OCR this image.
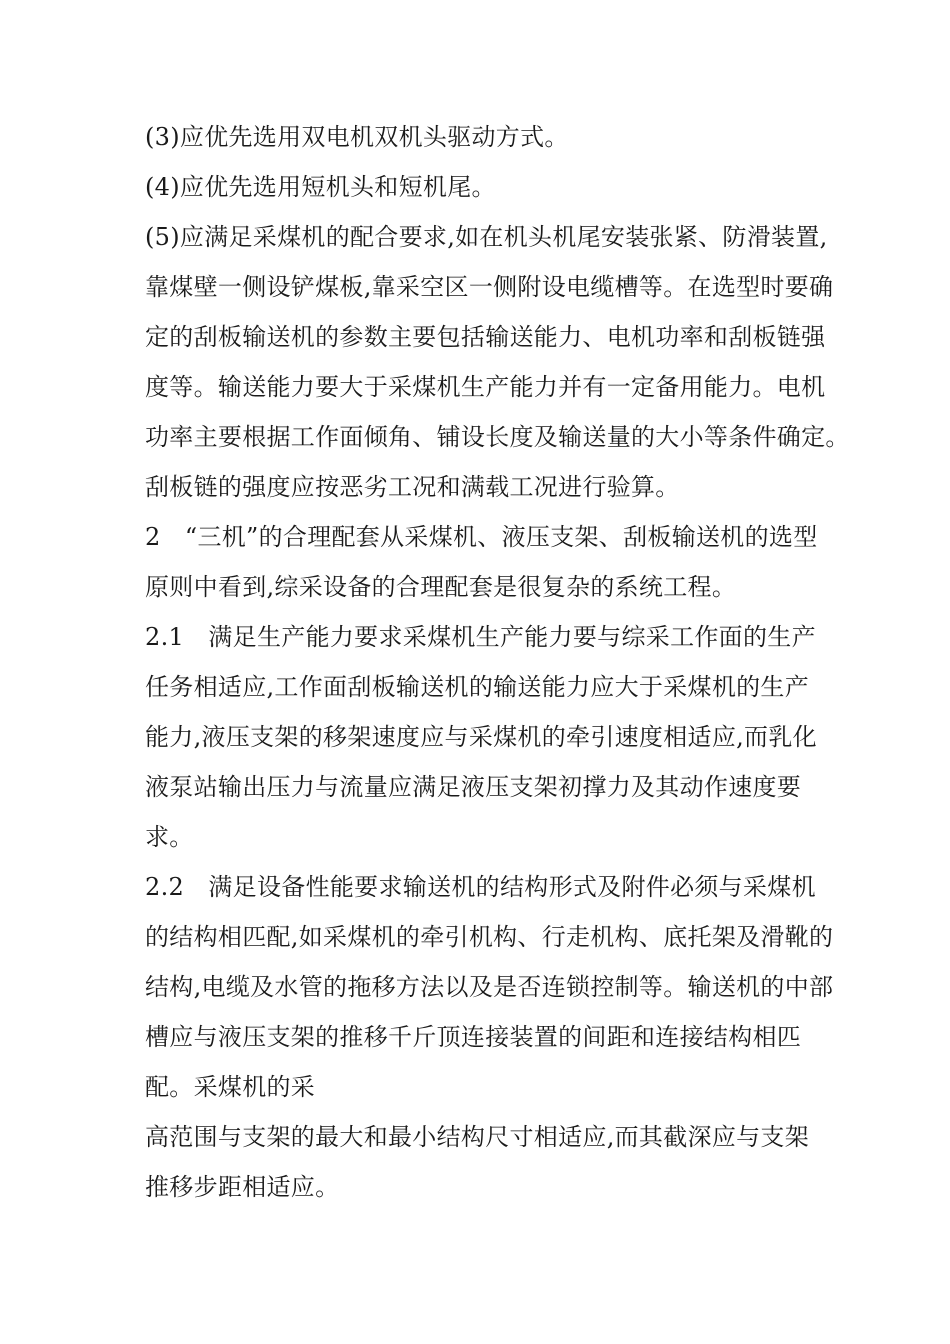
(3)应优先选用双电机双机头驱动方式。
(4)应优先选用短机头和短机尾。
(5)应满足采煤机的配合要求,如在机头机尾安装张紧、防滑装置,
靠煤壁一侧设铲煤板,靠采空区一侧附设电缆槽等。在选型时要确
定的刮板输送机的参数主要包括输送能力、电机功率和刮板链强
度等。输送能力要大于采煤机生产能力并有一定备用能力。电机
功率主要根据工作面倾角、铺设长度及输送量的大小等条件确定。
刮板链的强度应按恶劣工况和满载工况进行验算。
2　“三机”的合理配套从采煤机、液压支架、刮板输送机的选型
原则中看到,综采设备的合理配套是很复杂的系统工程。
2.1　满足生产能力要求采煤机生产能力要与综采工作面的生产
任务相适应,工作面刮板输送机的输送能力应大于采煤机的生产
能力,液压支架的移架速度应与采煤机的牵引速度相适应,而乳化
液泵站输出压力与流量应满足液压支架初撑力及其动作速度要
求。
2.2　满足设备性能要求输送机的结构形式及附件必须与采煤机
的结构相匹配,如采煤机的牵引机构、行走机构、底托架及滑靴的
结构,电缆及水管的拖移方法以及是否连锁控制等。输送机的中部
槽应与液压支架的推移千斤顶连接装置的间距和连接结构相匹
配。采煤机的采
高范围与支架的最大和最小结构尺寸相适应,而其截深应与支架
推移步距相适应。
